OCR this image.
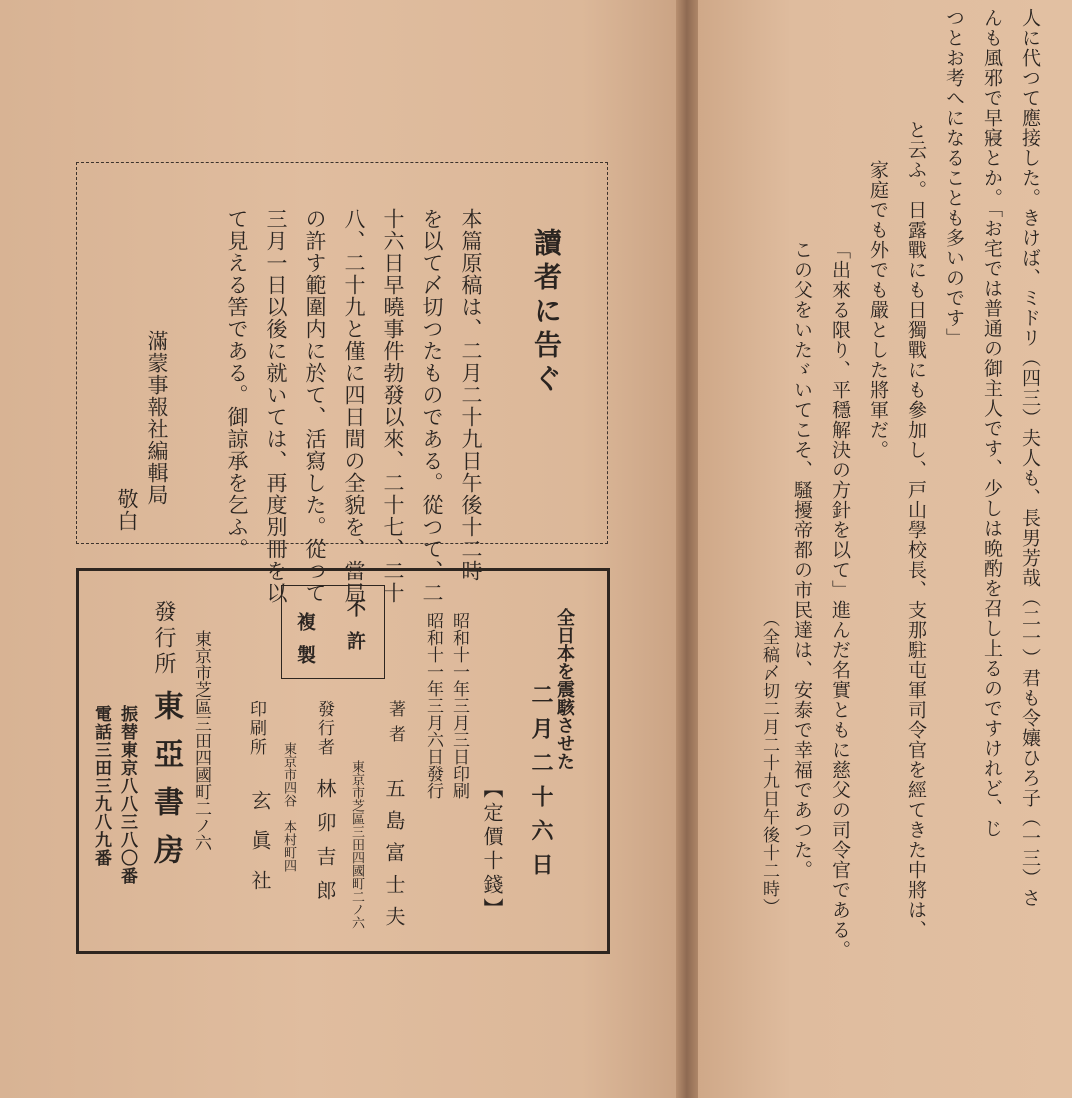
讀者に告ぐ
本篇原稿は、二月二十九日午後十二時
を以て〆切つたものである。從つて、二
十六日早曉事件勃發以來、二十七、二十
八、二十九と僅に四日間の全貌を、當局
の許す範圍内に於て、活寫した。從つて
三月一日以後に就いては、再度別冊を以
て見える筈である。御諒承を乞ふ。
滿蒙事報社編輯局
敬白
全日本を震駭させた
二月二十六日
【定價十錢】
昭和十一年三月三日印刷
昭和十一年三月六日發行
著者
五島富士夫
東京市芝區三田四國町二ノ六
發行者
林卯吉郎
東京市四谷　本村町四
印刷所
玄眞社
不許
複製
東京市芝區三田四國町二ノ六
發行所
東亞書房
振替東京八八三八〇番
電話三田三九八九番	人に代つて應接した。きけば、ミドリ（四三）夫人も、長男芳哉（二一）君も令孃ひろ子（一三）さ
んも風邪で早寢とか。「お宅では普通の御主人です、少しは晩酌を召し上るのですけれど、じ
つとお考へになることも多いのです」
と云ふ。日露戰にも日獨戰にも參加し、戸山學校長、支那駐屯軍司令官を經てきた中將は、
家庭でも外でも嚴とした將軍だ。
「出來る限り、平穩解決の方針を以て」進んだ名實ともに慈父の司令官である。
この父をいたゞいてこそ、騷擾帝都の市民達は、安泰で幸福であつた。
（全稿〆切二月二十九日午後十二時）
